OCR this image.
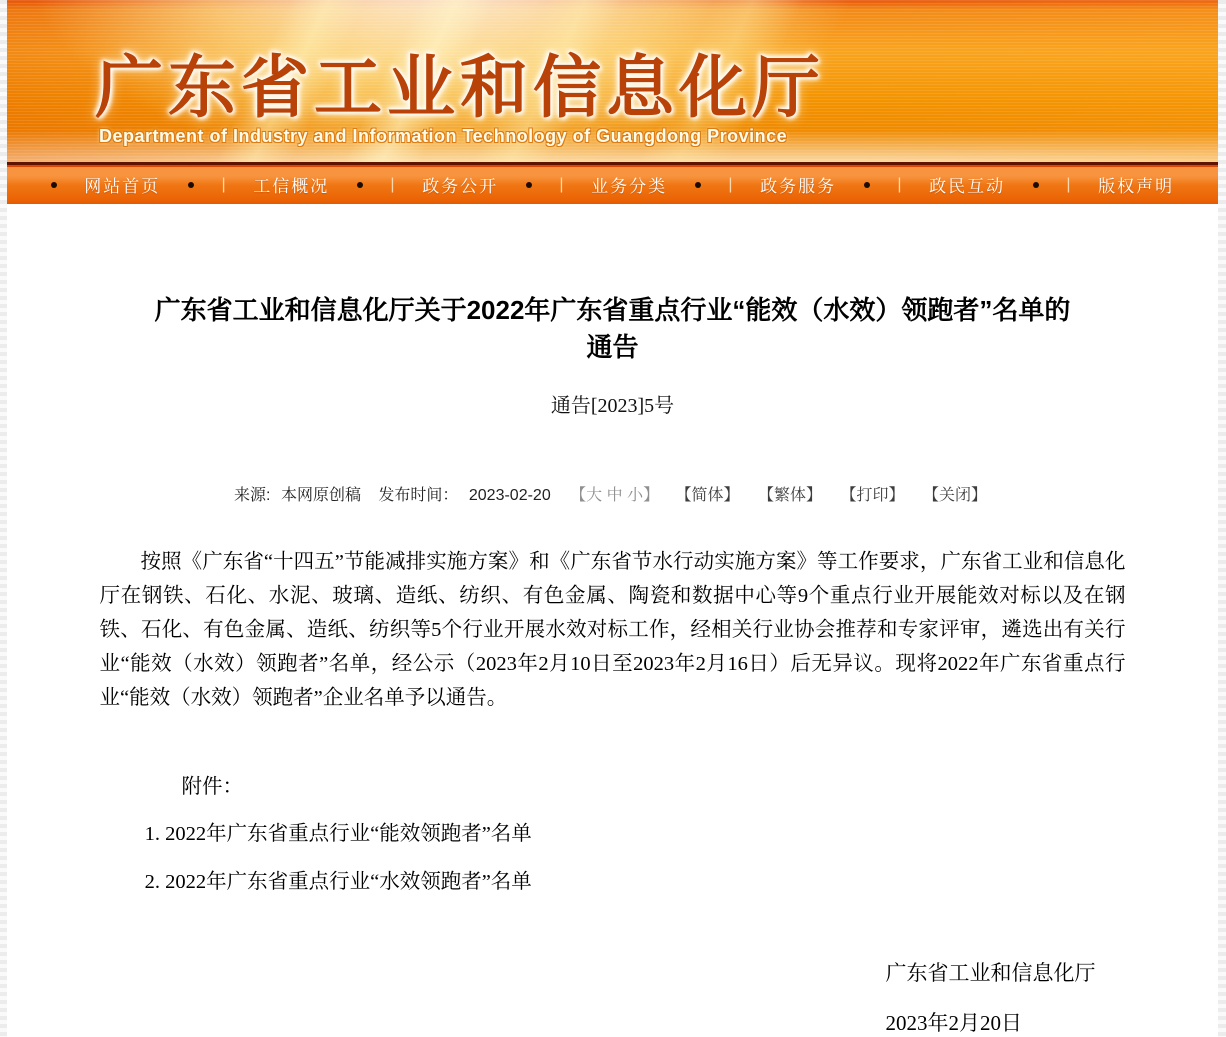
广东省工业和信息化厅
Department of Industry and Information Technology of Guangdong Province
网站首页	| 工信概况	| 政务公开	| 业务分类	| 政务服务	| 政民互动	| 版权声明
广东省工业和信息化厅关于2022年广东省重点行业“能效（水效）领跑者”名单的
通告
通告[2023]5号
来源: 本网原创稿 发布时间： 2023-02-20 【大 中 小】 【简体】 【繁体】 【打印】 【关闭】
按照《广东省“十四五”节能减排实施方案》和《广东省节水行动实施方案》等工作要求，广东省工业和信息化厅在钢铁、石化、水泥、玻璃、造纸、纺织、有色金属、陶瓷和数据中心等9个重点行业开展能效对标以及在钢铁、石化、有色金属、造纸、纺织等5个行业开展水效对标工作，经相关行业协会推荐和专家评审，遴选出有关行业“能效（水效）领跑者”名单，经公示（2023年2月10日至2023年2月16日）后无异议。现将2022年广东省重点行业“能效（水效）领跑者”企业名单予以通告。
附件：
1. 2022年广东省重点行业“能效领跑者”名单
2. 2022年广东省重点行业“水效领跑者”名单
广东省工业和信息化厅
2023年2月20日
